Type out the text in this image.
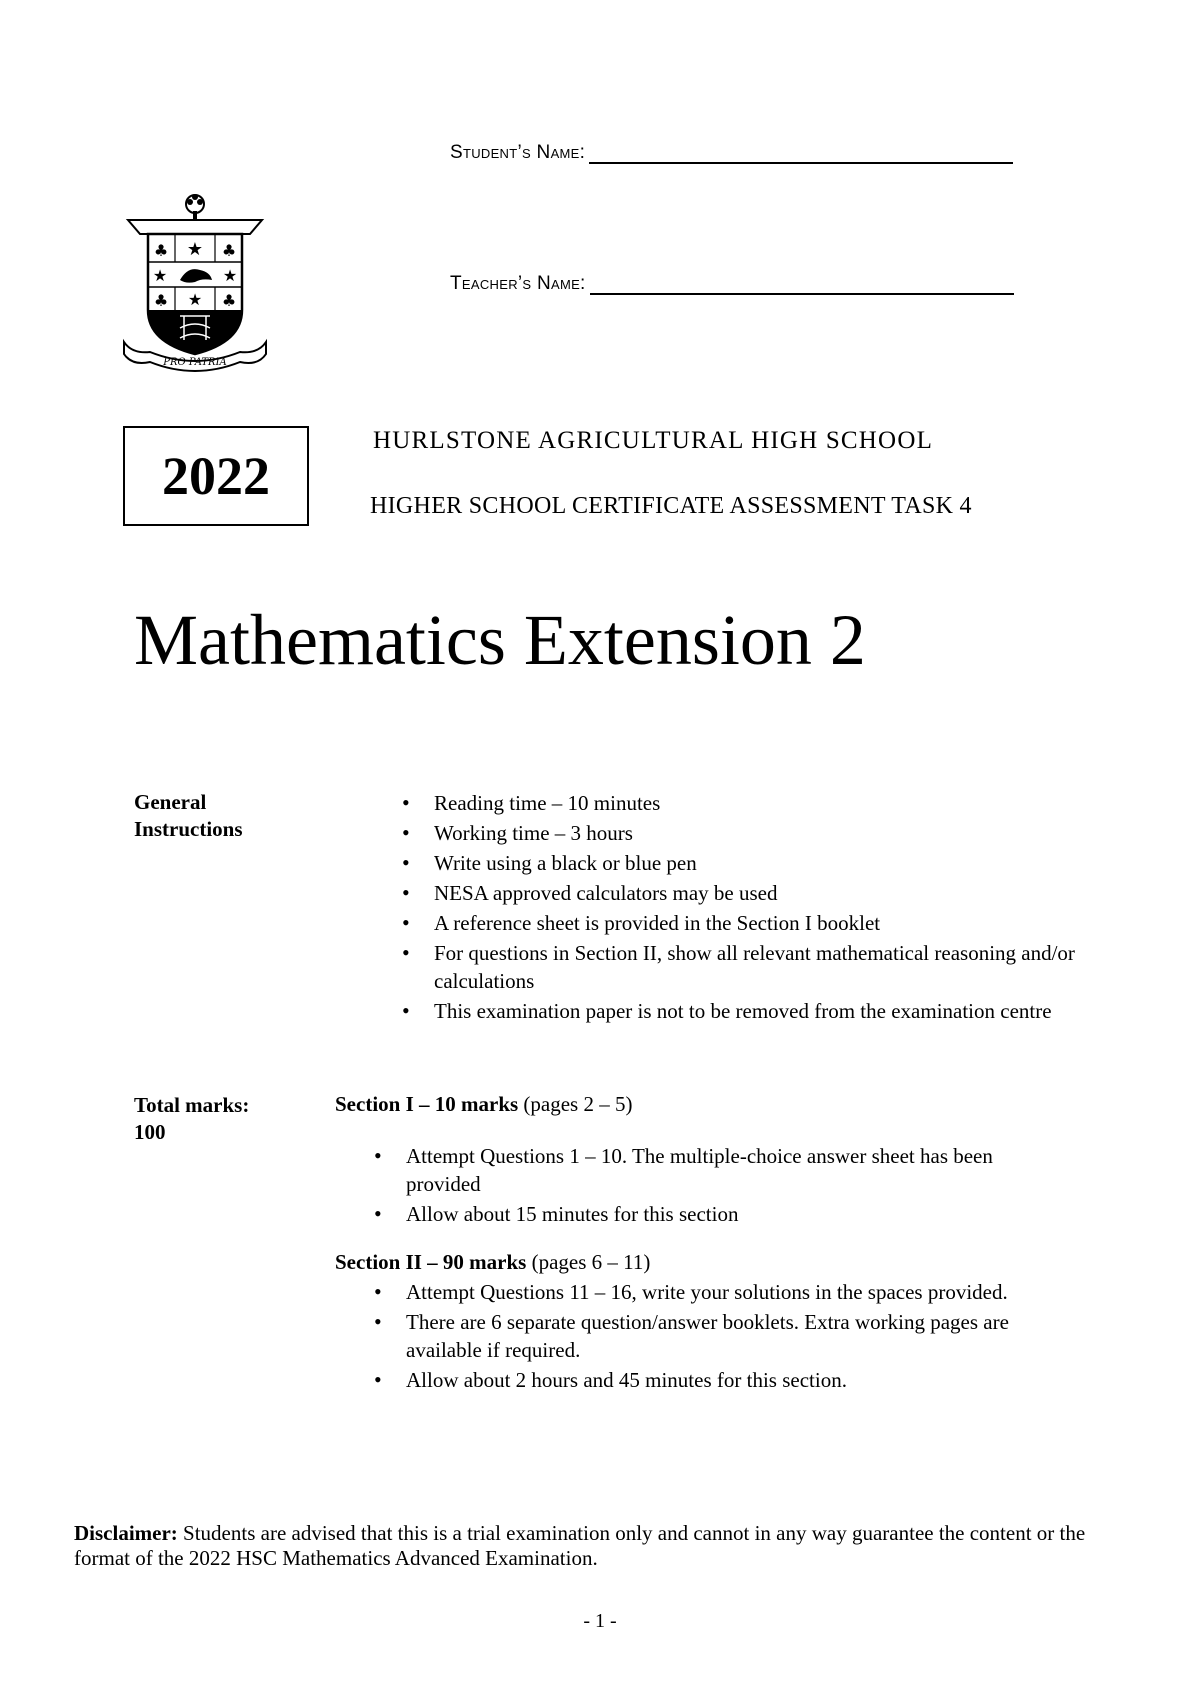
Student’s Name:
Teacher’s Name:
★
★	★
★
♣	♣
♣	♣
PRO PATRIA
2022
HURLSTONE AGRICULTURAL HIGH SCHOOL
HIGHER SCHOOL CERTIFICATE ASSESSMENT TASK 4
Mathematics Extension 2
General
Instructions
• Reading time – 10 minutes
• Working time – 3 hours
• Write using a black or blue pen
• NESA approved calculators may be used
• A reference sheet is provided in the Section I booklet
• For questions in Section II, show all relevant mathematical reasoning and/or calculations
• This examination paper is not to be removed from the examination centre
Total marks:
100
Section I – 10 marks (pages 2 – 5)
• Attempt Questions 1 – 10. The multiple-choice answer sheet has been provided
• Allow about 15 minutes for this section
Section II – 90 marks (pages 6 – 11)
• Attempt Questions 11 – 16, write your solutions in the spaces provided.
• There are 6 separate question/answer booklets. Extra working pages are available if required.
• Allow about 2 hours and 45 minutes for this section.
Disclaimer: Students are advised that this is a trial examination only and cannot in any way guarantee the content or the format of the 2022 HSC Mathematics Advanced Examination.
- 1 -
